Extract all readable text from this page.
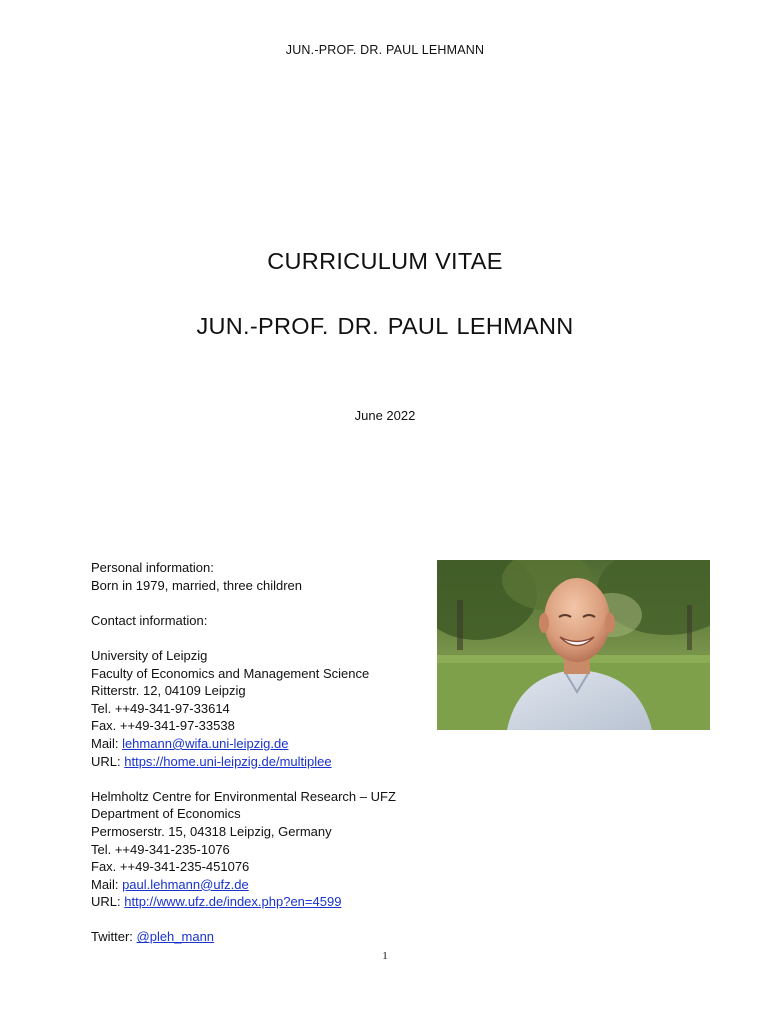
JUN.-PROF. DR. PAUL LEHMANN
CURRICULUM VITAE
JUN.-PROF. DR. PAUL LEHMANN
June 2022
Personal information:
Born in 1979, married, three children
Contact information:
University of Leipzig
Faculty of Economics and Management Science
Ritterstr. 12, 04109 Leipzig
Tel. ++49-341-97-33614
Fax. ++49-341-97-33538
Mail: lehmann@wifa.uni-leipzig.de
URL: https://home.uni-leipzig.de/multiplee
Helmholtz Centre for Environmental Research – UFZ
Department of Economics
Permoserstr. 15, 04318 Leipzig, Germany
Tel. ++49-341-235-1076
Fax. ++49-341-235-451076
Mail: paul.lehmann@ufz.de
URL: http://www.ufz.de/index.php?en=4599
Twitter: @pleh_mann
1
